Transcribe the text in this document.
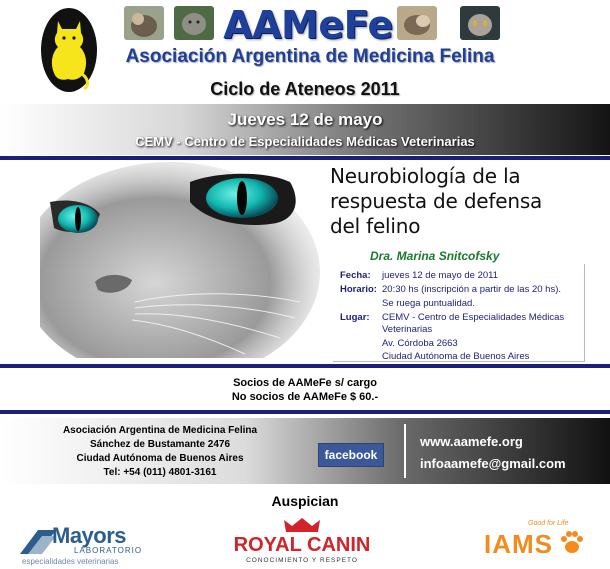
AAMeFe
Asociación Argentina de Medicina Felina
Ciclo de Ateneos 2011
Jueves 12 de mayo
CEMV - Centro de Especialidades Médicas Veterinarias
Neurobiología de la
respuesta de defensa
del felino
Dra. Marina Snitcofsky
Fecha: jueves 12 de mayo de 2011
Horario: 20:30 hs (inscripción a partir de las 20 hs).
Se ruega puntualidad.
Lugar: CEMV - Centro de Especialidades Médicas
Veterinarias
Av. Córdoba 2663
Ciudad Autónoma de Buenos Aires
Socios de AAMeFe s/ cargo
No socios de AAMeFe $ 60.-
Asociación Argentina de Medicina Felina
Sánchez de Bustamante 2476
Ciudad Autónoma de Buenos Aires
Tel: +54 (011) 4801-3161
facebook
www.aamefe.org
infoaamefe@gmail.com
Auspician
Mayors
LABORATORIO
especialidades veterinarias
ROYAL CANIN
CONOCIMIENTO Y RESPETO
Good for Life
IAMS
